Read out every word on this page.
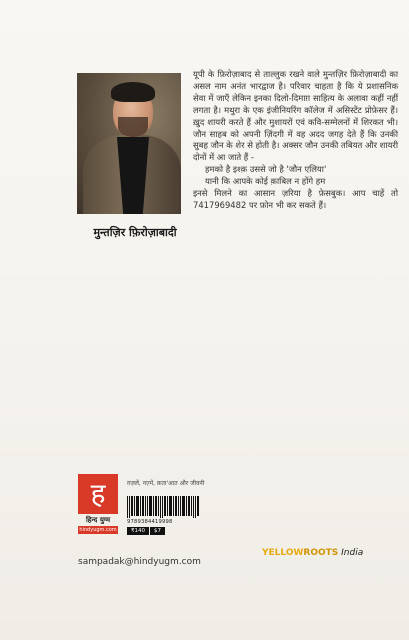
मुन्तज़िर फ़िरोज़ाबादी

यूपी के फ़िरोज़ाबाद से ताल्लुक रखने वाले मुन्तज़िर फ़िरोज़ाबादी का असल नाम अनंत भारद्वाज है। परिवार चाहता है कि ये प्रशासनिक सेवा में जाएँ लेकिन इनका दिलो-दिमाग़ साहित्य के अलावा कहीं नहीं लगता है। मथुरा के एक इंजीनियरिंग कॉलेज में असिस्टेंट प्रोफ़ेसर हैं। ख़ुद शायरी करते हैं और मुशायरों एवं कवि-सम्मेलनों में शिरकत भी। जौन साहब को अपनी ज़िंदगी में वह अदद जगह देते हैं कि उनकी सुबह जौन के शेर से होती है। अक्सर जौन उनकी तबियत और शायरी दोनों में आ जाते हैं -

हमको है इश्क़ उससे जो है 'जौन एलिया'

यानी कि आपके कोई क़ाबिल न होंगे हम

इनसे मिलने का आसान ज़रिया है फ़ेसबुक। आप चाहें तो 7417969482 पर फ़ोन भी कर सकते हैं।

ह
हिन्द युग्म
hindyugm.com
ग़ज़लें, नज़्में, क़ता'आत और जीवनी
9789384419998
₹140	$7
YELLOWROOTS India
sampadak@hindyugm.com
